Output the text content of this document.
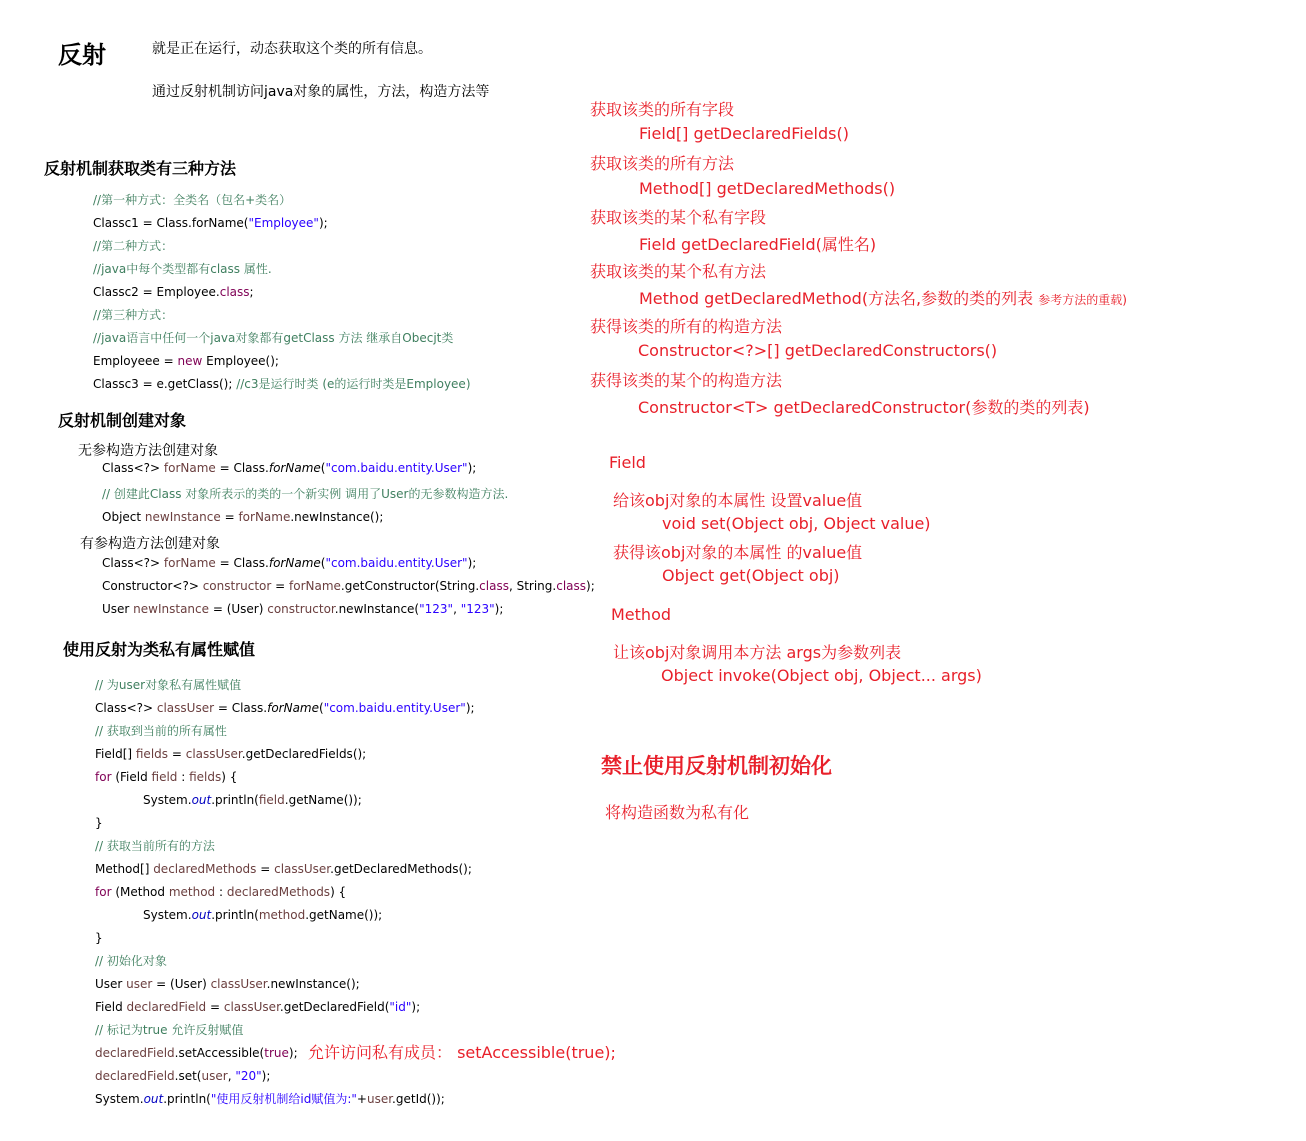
反射	就是正在运行，动态获取这个类的所有信息。
通过反射机制访问java对象的属性，方法，构造方法等
反射机制获取类有三种方法
//第一种方式：全类名（包名+类名）
Classc1 = Class.forName("Employee");
//第二种方式：
//java中每个类型都有class 属性.
Classc2 = Employee.class;
//第三种方式：
//java语言中任何一个java对象都有getClass 方法 继承自Obecjt类
Employeee = new Employee();
Classc3 = e.getClass(); //c3是运行时类 (e的运行时类是Employee)
反射机制创建对象
无参构造方法创建对象
Class<?> forName = Class.forName("com.baidu.entity.User");
// 创建此Class 对象所表示的类的一个新实例 调用了User的无参数构造方法.
Object newInstance = forName.newInstance();
有参构造方法创建对象
Class<?> forName = Class.forName("com.baidu.entity.User");
Constructor<?> constructor = forName.getConstructor(String.class, String.class);
User newInstance = (User) constructor.newInstance("123", "123");
使用反射为类私有属性赋值
// 为user对象私有属性赋值
Class<?> classUser = Class.forName("com.baidu.entity.User");
// 获取到当前的所有属性
Field[] fields = classUser.getDeclaredFields();
for (Field field : fields) {
System.out.println(field.getName());
}
// 获取当前所有的方法
Method[] declaredMethods = classUser.getDeclaredMethods();
for (Method method : declaredMethods) {
System.out.println(method.getName());
}
// 初始化对象
User user = (User) classUser.newInstance();
Field declaredField = classUser.getDeclaredField("id");
// 标记为true 允许反射赋值
declaredField.setAccessible(true);
declaredField.set(user, "20");
System.out.println("使用反射机制给id赋值为:"+user.getId());
允许访问私有成员： setAccessible(true);
获取该类的所有字段
Field[] getDeclaredFields()
获取该类的所有方法
Method[] getDeclaredMethods()
获取该类的某个私有字段
Field getDeclaredField(属性名)
获取该类的某个私有方法
Method getDeclaredMethod(方法名,参数的类的列表 参考方法的重载)
获得该类的所有的构造方法
Constructor<?>[] getDeclaredConstructors()
获得该类的某个的构造方法
Constructor<T> getDeclaredConstructor(参数的类的列表)
Field
给该obj对象的本属性 设置value值
void set(Object obj, Object value)
获得该obj对象的本属性 的value值
Object get(Object obj)
Method
让该obj对象调用本方法 args为参数列表
Object invoke(Object obj, Object... args)
禁止使用反射机制初始化
将构造函数为私有化
